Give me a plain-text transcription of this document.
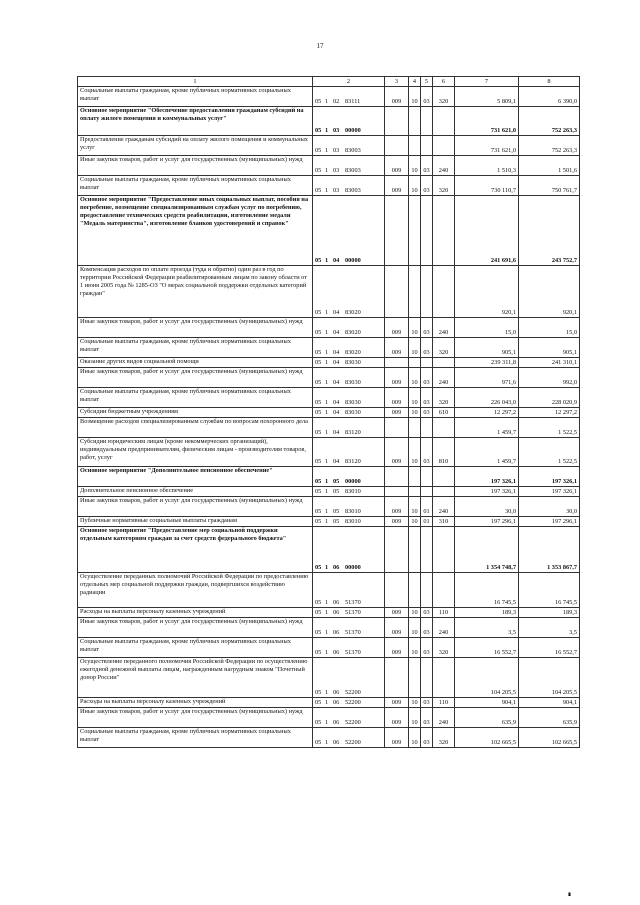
17
1	2	3	4	5	6	7	8
Социальные выплаты гражданам, кроме публичных нормативных социальных выплат	05 1 02 83111	009	10	03	320	5 809,1	6 390,0
Основное мероприятие "Обеспечение предоставления гражданам субсидий на оплату жилого помещения и коммунальных услуг"	05 1 03 00000					731 621,0	752 263,3
Предоставление гражданам субсидий на оплату жилого помещения и коммунальных услуг	05 1 03 83003					731 621,0	752 263,3
Иные закупки товаров, работ и услуг для государственных (муниципальных) нужд	05 1 03 83003	009	10	03	240	1 510,3	1 501,6
Социальные выплаты гражданам, кроме публичных нормативных социальных выплат	05 1 03 83003	009	10	03	320	730 110,7	750 761,7
Основное мероприятие "Предоставление иных социальных выплат, пособия на погребение, возмещение специализированным службам услуг по погребению, предоставление технических средств реабилитации, изготовление медали "Медаль материнства", изготовление бланков удостоверений и справок"	05 1 04 00000					241 691,6	243 752,7
Компенсация расходов по оплате проезда (туда и обратно) один раз в год по территории Российской Федерации реабилитированным лицам по закону области от 1 июня 2005 года № 1285-ОЗ "О мерах социальной поддержки отдельных категорий граждан"	05 1 04 83020					920,1	920,1
Иные закупки товаров, работ и услуг для государственных (муниципальных) нужд	05 1 04 83020	009	10	03	240	15,0	15,0
Социальные выплаты гражданам, кроме публичных нормативных социальных выплат	05 1 04 83020	009	10	03	320	905,1	905,1
Оказание других видов социальной помощи	05 1 04 83030					239 311,8	241 310,1
Иные закупки товаров, работ и услуг для государственных (муниципальных) нужд	05 1 04 83030	009	10	03	240	971,6	992,0
Социальные выплаты гражданам, кроме публичных нормативных социальных выплат	05 1 04 83030	009	10	03	320	226 043,0	228 020,9
Субсидии бюджетным учреждениям	05 1 04 83030	009	10	03	610	12 297,2	12 297,2
Возмещение расходов специализированным службам по вопросам похоронного дела	05 1 04 83120					1 459,7	1 522,5
Субсидии юридическим лицам (кроме некоммерческих организаций), индивидуальным предпринимателям, физическим лицам - производителям товаров, работ, услуг	05 1 04 83120	009	10	03	810	1 459,7	1 522,5
Основное мероприятие "Дополнительное пенсионное обеспечение"	05 1 05 00000					197 326,1	197 326,1
Дополнительное пенсионное обеспечение	05 1 05 83010					197 326,1	197 326,1
Иные закупки товаров, работ и услуг для государственных (муниципальных) нужд	05 1 05 83010	009	10	01	240	30,0	30,0
Публичные нормативные социальные выплаты гражданам	05 1 05 83010	009	10	01	310	197 296,1	197 296,1
Основное мероприятие "Предоставление мер социальной поддержки отдельным категориям граждан за счет средств федерального бюджета"	05 1 06 00000					1 354 748,7	1 353 867,7
Осуществление переданных полномочий Российской Федерации по предоставлению отдельных мер социальной поддержки граждан, подвергшихся воздействию радиации	05 1 06 51370					16 745,5	16 745,5
Расходы на выплаты персоналу казенных учреждений	05 1 06 51370	009	10	03	110	189,3	189,3
Иные закупки товаров, работ и услуг для государственных (муниципальных) нужд	05 1 06 51370	009	10	03	240	3,5	3,5
Социальные выплаты гражданам, кроме публичных нормативных социальных выплат	05 1 06 51370	009	10	03	320	16 552,7	16 552,7
Осуществление переданного полномочия Российской Федерации по осуществлению ежегодной денежной выплаты лицам, награжденным нагрудным знаком "Почетный донор России"	05 1 06 52200					104 205,5	104 205,5
Расходы на выплаты персоналу казенных учреждений	05 1 06 52200	009	10	03	110	904,1	904,1
Иные закупки товаров, работ и услуг для государственных (муниципальных) нужд	05 1 06 52200	009	10	03	240	635,9	635,9
Социальные выплаты гражданам, кроме публичных нормативных социальных выплат	05 1 06 52200	009	10	03	320	102 665,5	102 665,5
ıı
